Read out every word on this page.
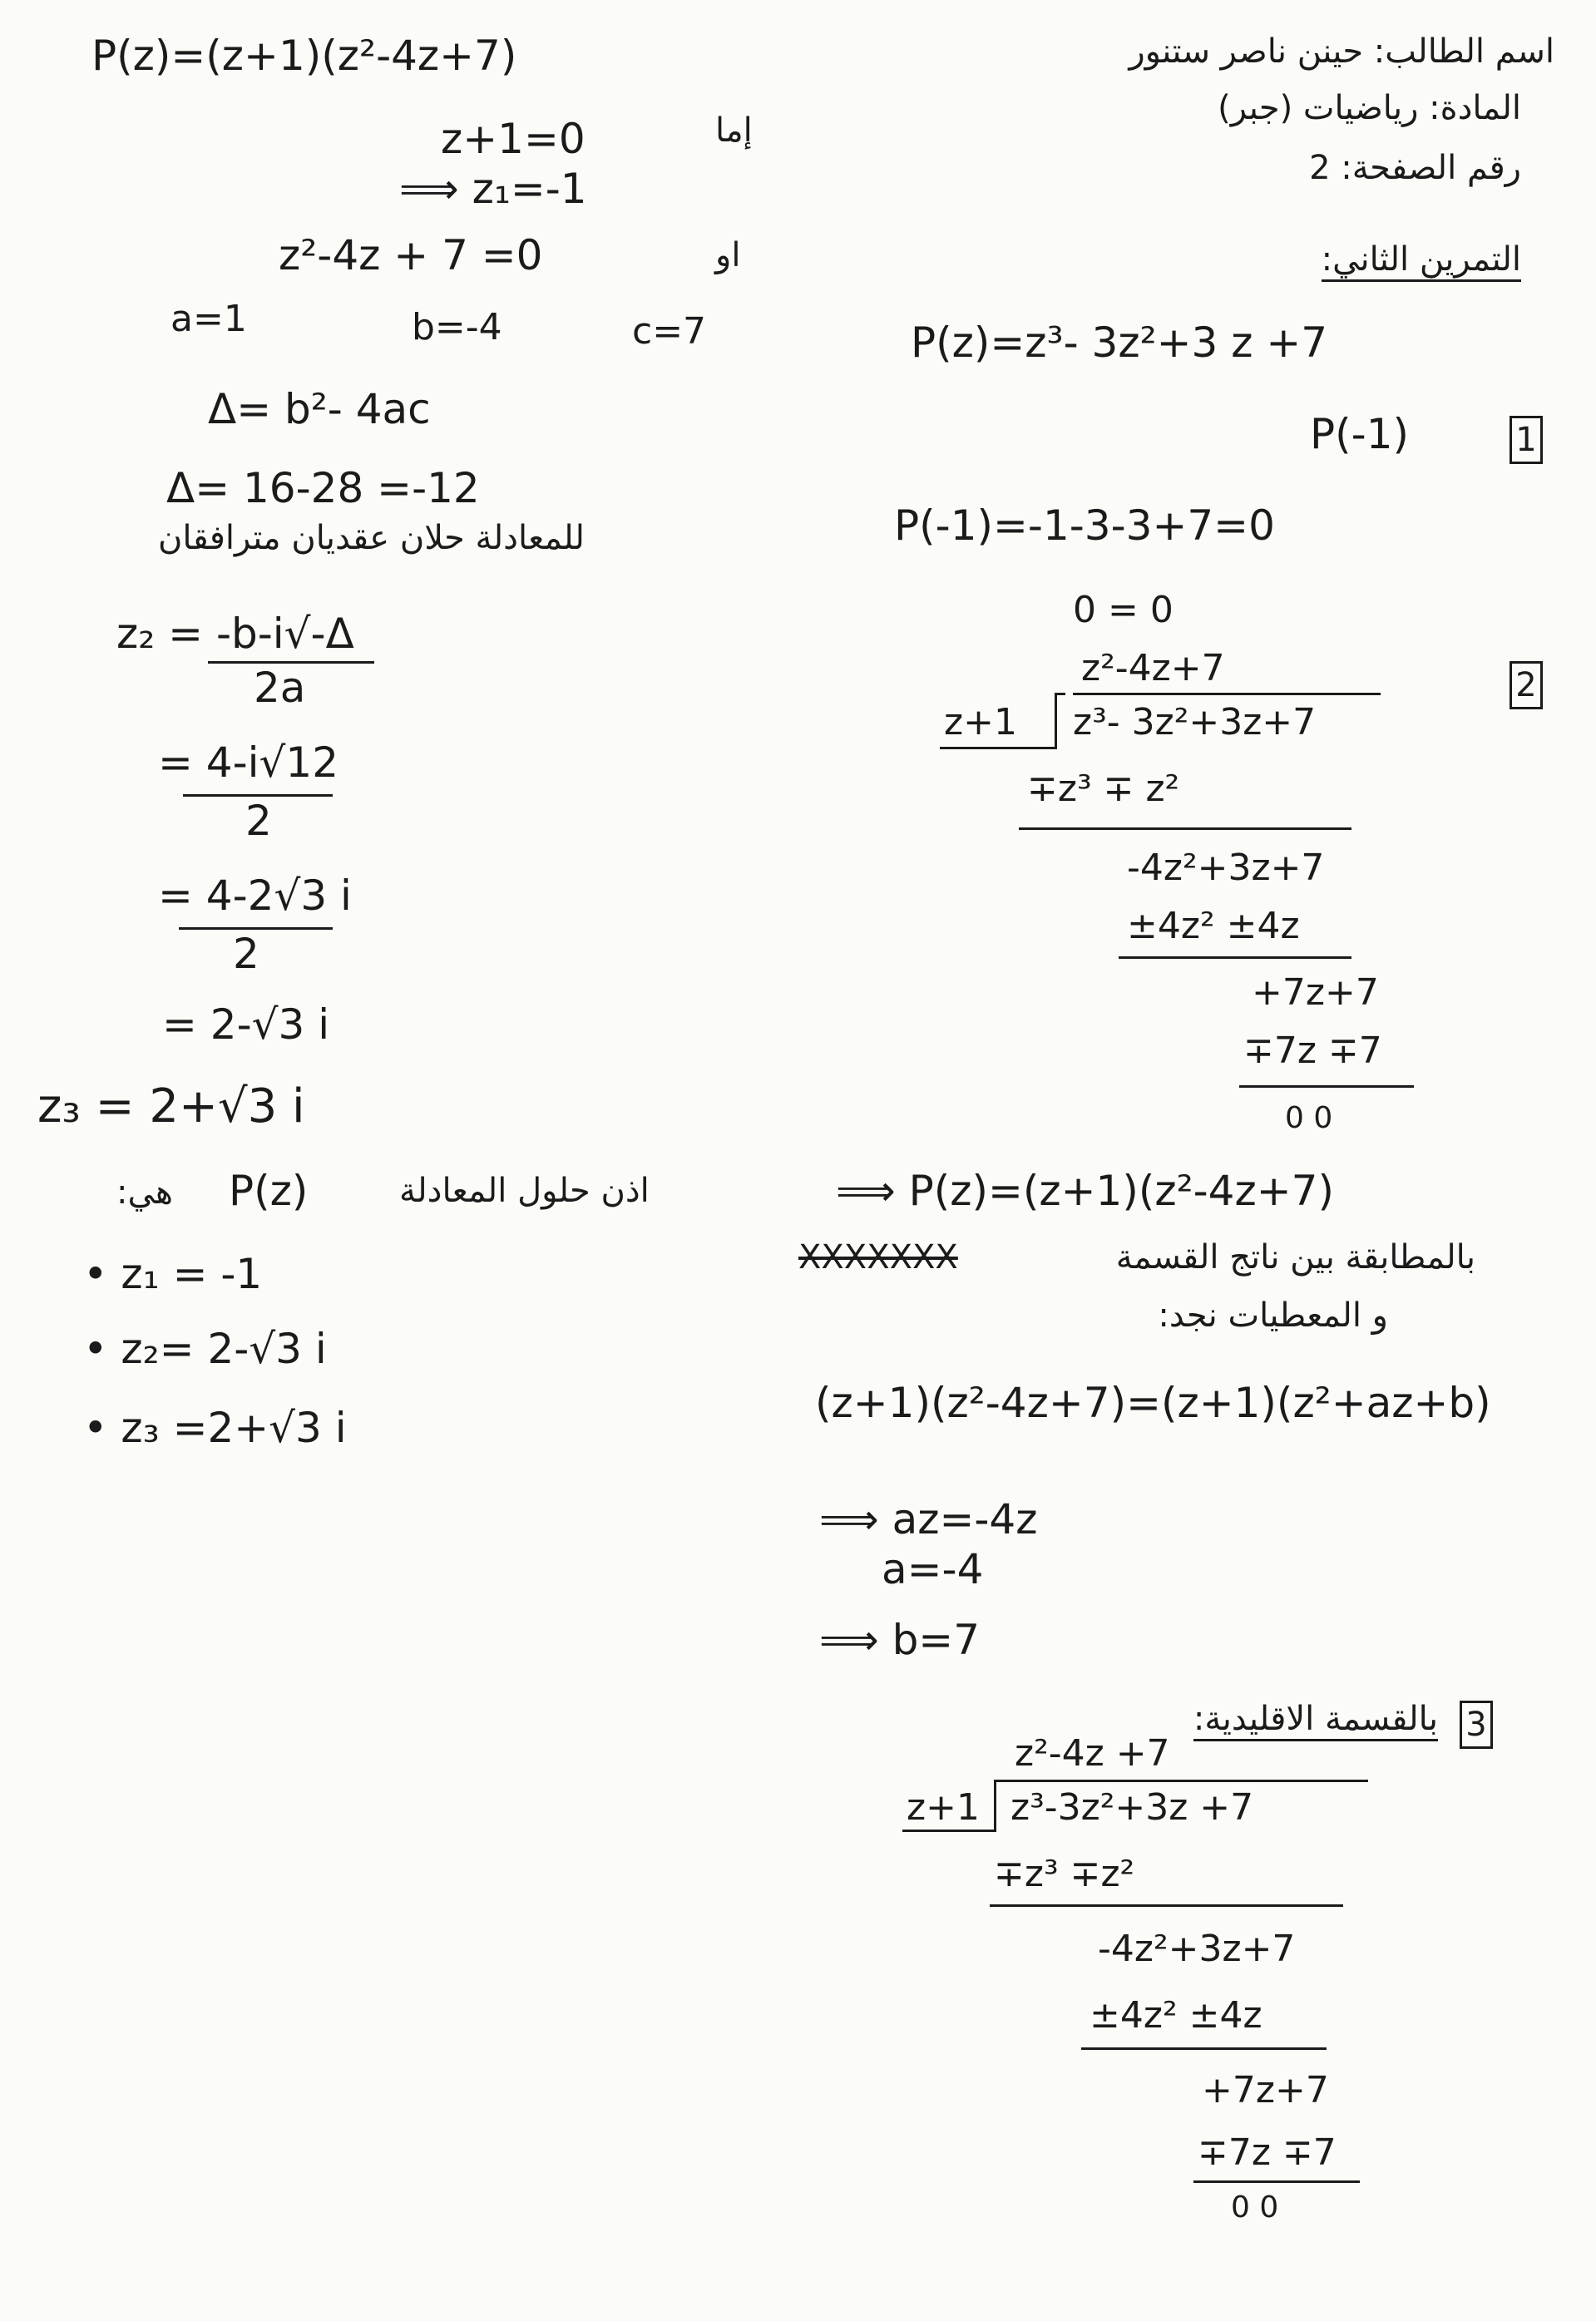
اسم الطالب: حينن ناصر ستنور
المادة: رياضيات (جبر)
رقم الصفحة: 2
التمرين الثاني:
P(z)=z³- 3z²+3 z +7
1
P(-1)
P(-1)=-1-3-3+7=0
0 = 0
2
z²-4z+7
z+1 z³- 3z²+3z+7
∓z³ ∓ z²
-4z²+3z+7
±4z² ±4z
+7z+7
∓7z ∓7
0 0
⟹ P(z)=(z+1)(z²-4z+7)
بالمطابقة بين ناتج القسمة
XXXXXXX
و المعطيات نجد:
(z+1)(z²-4z+7)=(z+1)(z²+az+b)
⟹ az=-4z
a=-4
⟹ b=7
3
بالقسمة الاقليدية:
z²-4z +7
z+1 z³-3z²+3z +7
∓z³ ∓z²
-4z²+3z+7
±4z² ±4z
+7z+7
∓7z ∓7
0 0
P(z)=(z+1)(z²-4z+7)
إما
z+1=0
⟹ z₁=-1
او
z²-4z + 7 =0
a=1	b=-4	c=7
Δ= b²- 4ac
Δ= 16-28 =-12
للمعادلة حلان عقديان مترافقان
z₂ = -b-i√-Δ
2a
= 4-i√12
2
= 4-2√3 i
2
= 2-√3 i
z₃ = 2+√3 i
اذن حلول المعادلة
P(z)
هي:
• z₁ = -1
• z₂= 2-√3 i
• z₃ =2+√3 i
